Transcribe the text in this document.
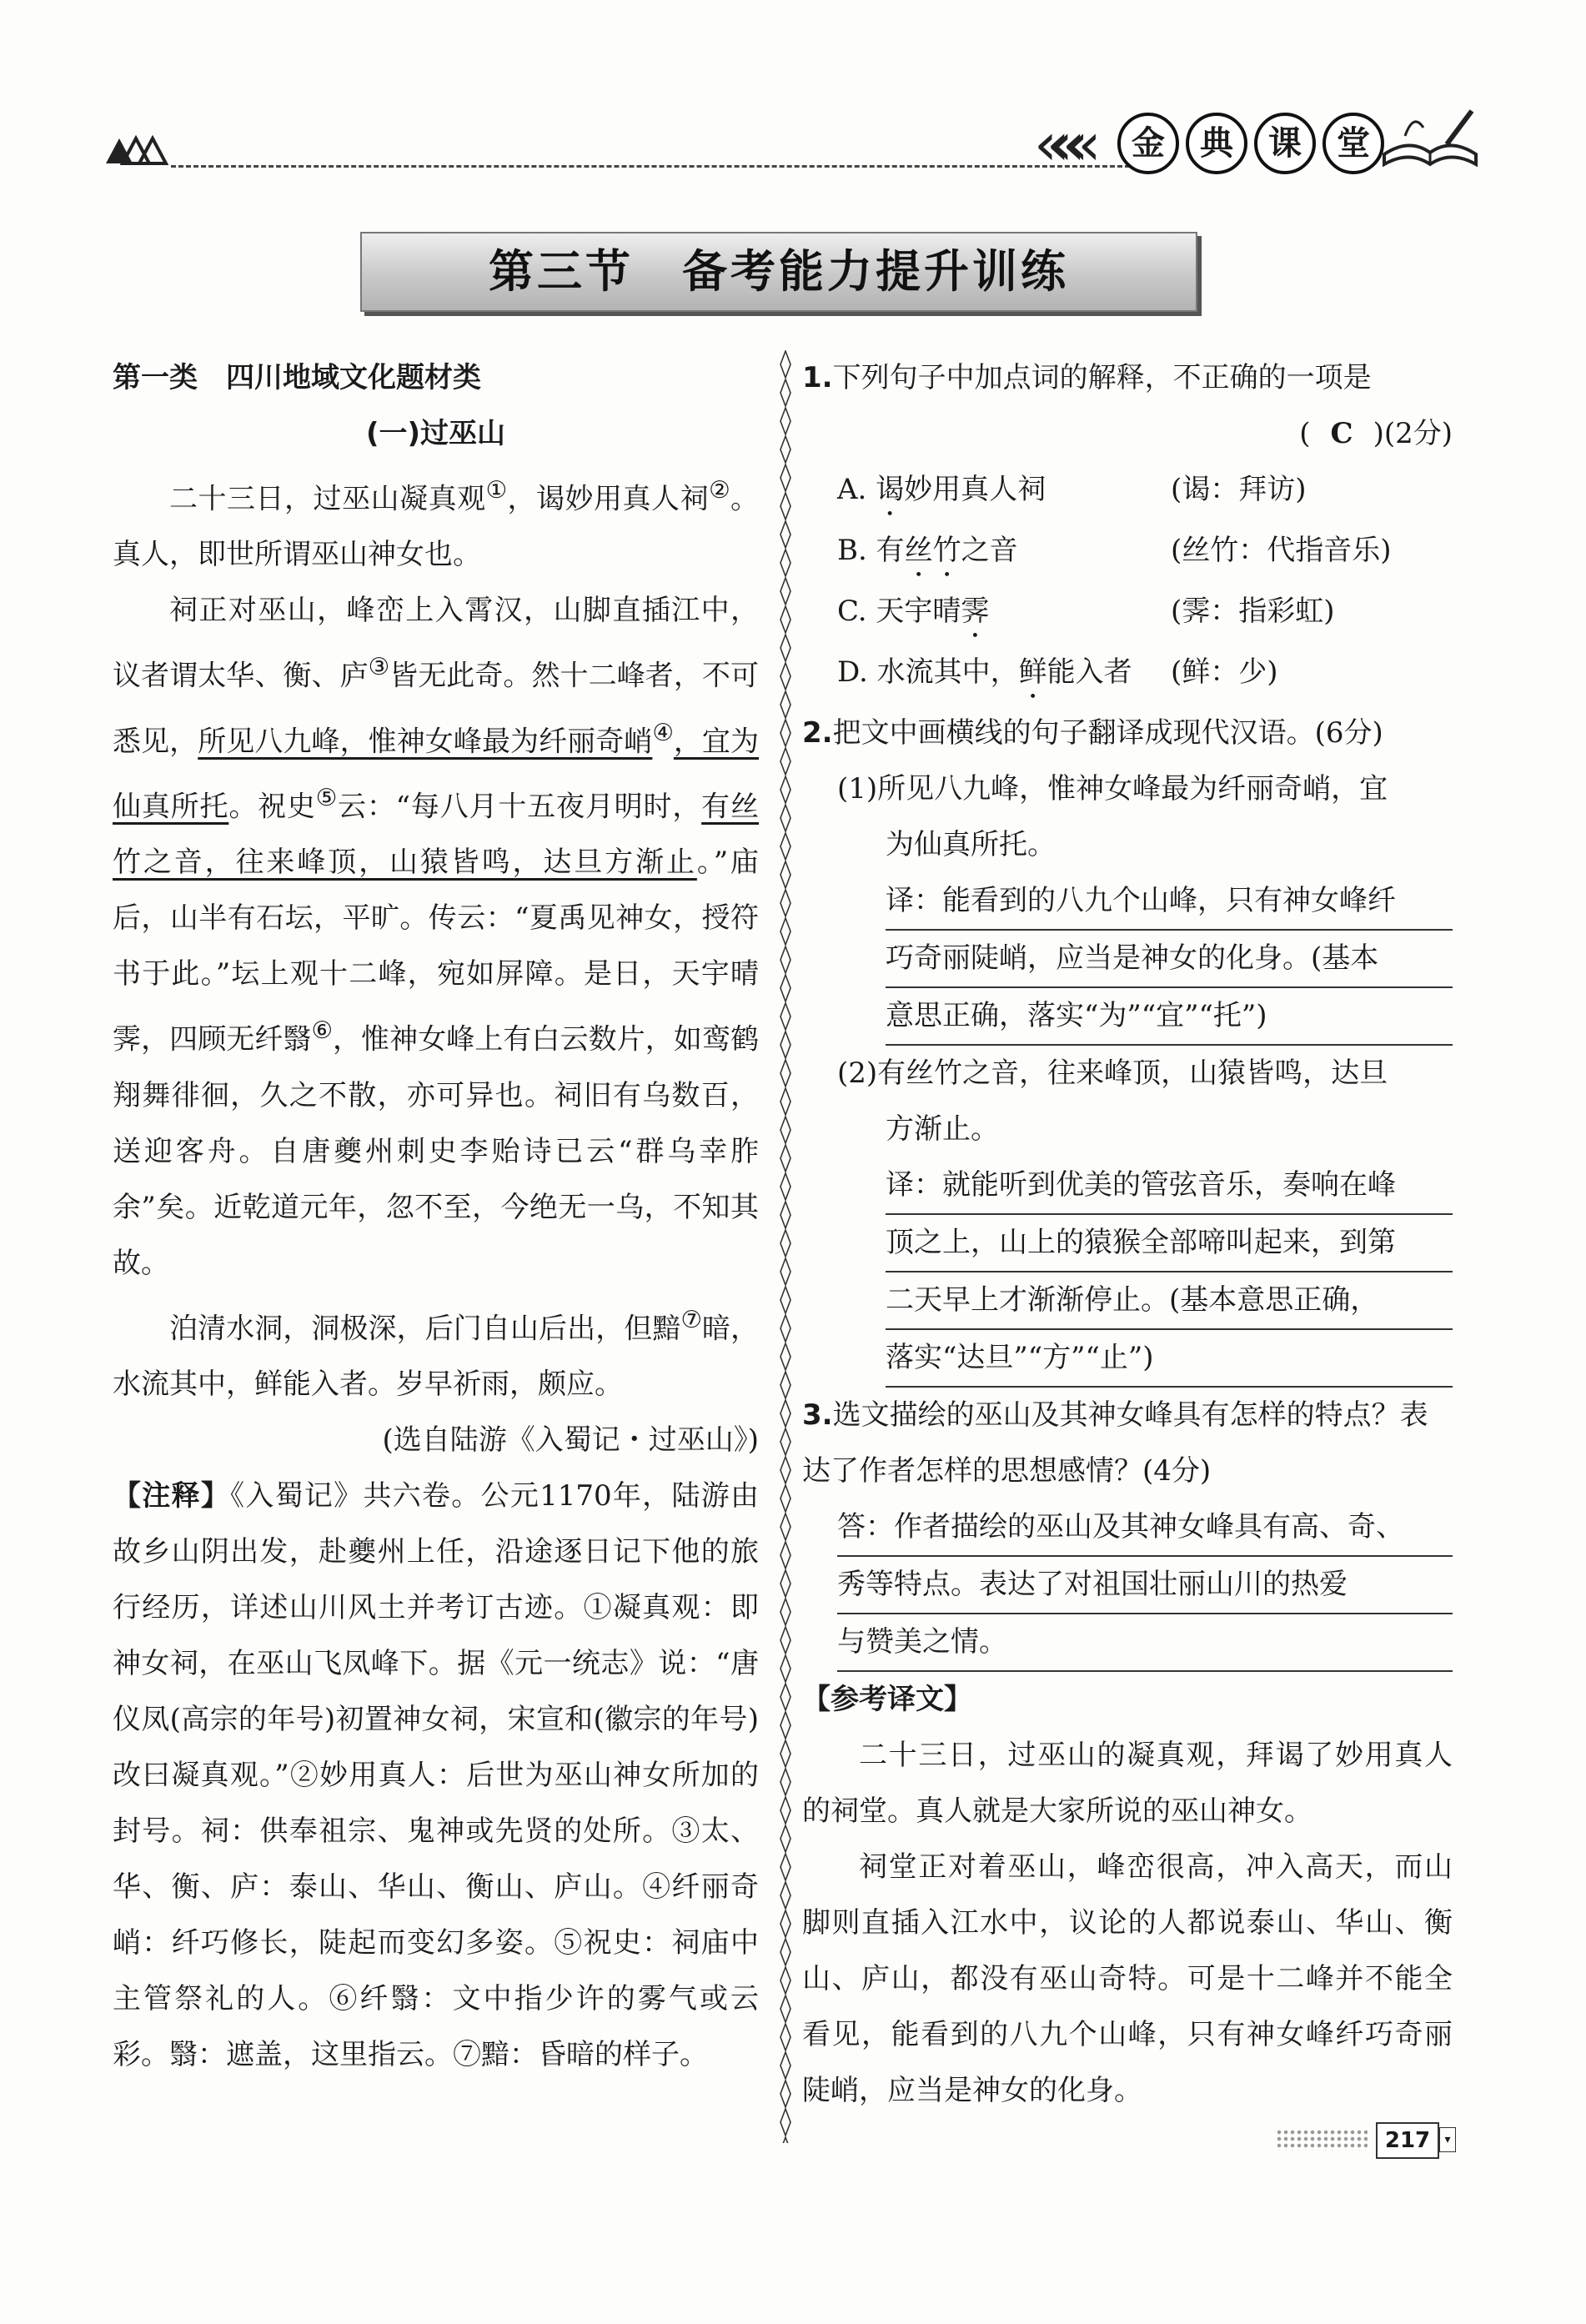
«««	金	典	课	堂
第三节　备考能力提升训练

第一类　四川地域文化题材类

(一)过巫山

二十三日，过巫山凝真观①，谒妙用真人祠②。真人，即世所谓巫山神女也。

祠正对巫山，峰峦上入霄汉，山脚直插江中，议者谓太华、衡、庐③皆无此奇。然十二峰者，不可悉见，所见八九峰，惟神女峰最为纤丽奇峭④，宜为仙真所托。祝史⑤云：“每八月十五夜月明时，有丝竹之音，往来峰顶，山猿皆鸣，达旦方渐止。”庙后，山半有石坛，平旷。传云：“夏禹见神女，授符书于此。”坛上观十二峰，宛如屏障。是日，天宇晴霁，四顾无纤翳⑥，惟神女峰上有白云数片，如鸾鹤翔舞徘徊，久之不散，亦可异也。祠旧有乌数百，送迎客舟。自唐夔州刺史李贻诗已云“群乌幸胙余”矣。近乾道元年，忽不至，今绝无一乌，不知其故。

泊清水洞，洞极深，后门自山后出，但黯⑦暗，水流其中，鲜能入者。岁早祈雨，颇应。

(选自陆游《入蜀记・过巫山》)

【注释】《入蜀记》共六卷。公元1170年，陆游由故乡山阴出发，赴夔州上任，沿途逐日记下他的旅行经历，详述山川风土并考订古迹。①凝真观：即神女祠，在巫山飞凤峰下。据《元一统志》说：“唐仪凤(高宗的年号)初置神女祠，宋宣和(徽宗的年号)改曰凝真观。”②妙用真人：后世为巫山神女所加的封号。祠：供奉祖宗、鬼神或先贤的处所。③太、华、衡、庐：泰山、华山、衡山、庐山。④纤丽奇峭：纤巧修长，陡起而变幻多姿。⑤祝史：祠庙中主管祭礼的人。⑥纤翳：文中指少许的雾气或云彩。翳：遮盖，这里指云。⑦黯：昏暗的样子。

1.下列句子中加点词的解释，不正确的一项是

( C )(2分)

A. 谒妙用真人祠	(谒：拜访)
B. 有丝竹之音	(丝竹：代指音乐)
C. 天宇晴霁	(霁：指彩虹)
D. 水流其中，鲜能入者	(鲜：少)

2.把文中画横线的句子翻译成现代汉语。(6分)

(1)所见八九峰，惟神女峰最为纤丽奇峭，宜

为仙真所托。

译：能看到的八九个山峰，只有神女峰纤
巧奇丽陡峭，应当是神女的化身。(基本
意思正确，落实“为”“宜”“托”)

(2)有丝竹之音，往来峰顶，山猿皆鸣，达旦

方渐止。

译：就能听到优美的管弦音乐，奏响在峰
顶之上，山上的猿猴全部啼叫起来，到第
二天早上才渐渐停止。(基本意思正确，
落实“达旦”“方”“止”)

3.选文描绘的巫山及其神女峰具有怎样的特点？表达了作者怎样的思想感情？(4分)

答：作者描绘的巫山及其神女峰具有高、奇、
秀等特点。表达了对祖国壮丽山川的热爱
与赞美之情。

【参考译文】

二十三日，过巫山的凝真观，拜谒了妙用真人的祠堂。真人就是大家所说的巫山神女。

祠堂正对着巫山，峰峦很高，冲入高天，而山脚则直插入江水中，议论的人都说泰山、华山、衡山、庐山，都没有巫山奇特。可是十二峰并不能全看见，能看到的八九个山峰，只有神女峰纤巧奇丽陡峭，应当是神女的化身。

217	▾
